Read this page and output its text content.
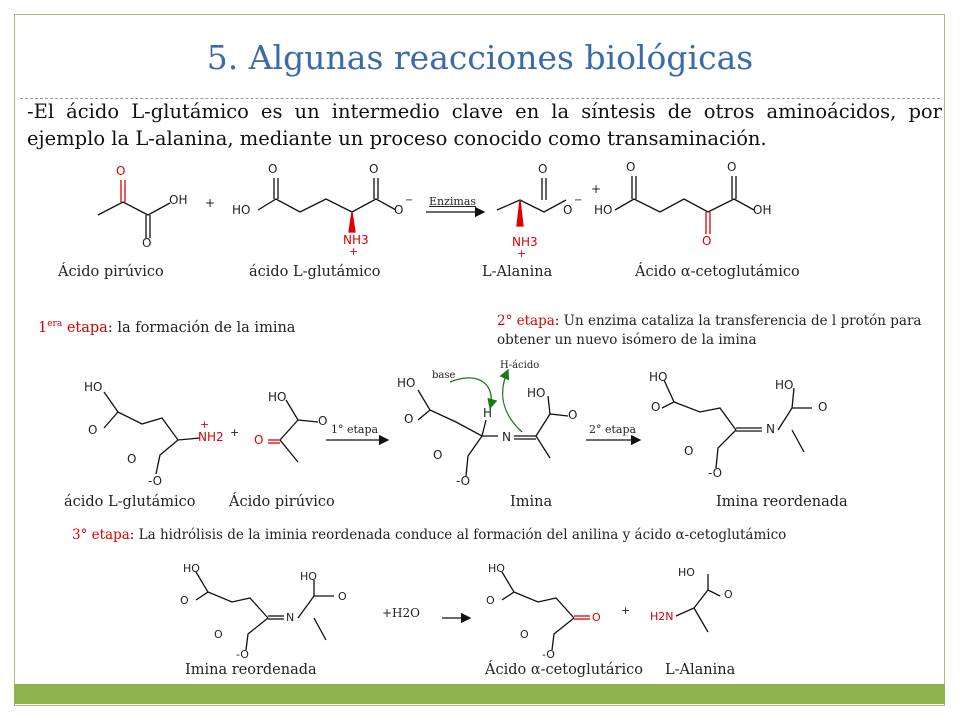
5. Algunas reacciones biológicas
-El ácido L-glutámico es un intermedio clave en la síntesis de otros aminoácidos, por ejemplo la L-alanina, mediante un proceso conocido como transaminación.
O
OH
O
+
O
HO
O
O
−
NH3
+
Enzimas
O
O
−
NH3
+
+
O
HO
O
OH
O
Ácido pirúvico	ácido L-glutámico	L-Alanina	Ácido α-cetoglutámico
$1^{era}$ etapa: la formación de la imina	2° etapa: Un enzima cataliza la transferencia de l protón para obtener un nuevo isómero de la imina
HO
O	NH2
+
O
-O
+
HO
O
O
1° etapa
HO
O
base
H-ácido
H
N
HO
O
O
-O
2° etapa
HO
O
N
HO
O
O
-O
ácido L-glutámico Ácido pirúvico	Imina	Imina reordenada
3° etapa: La hidrólisis de la iminia reordenada conduce al formación del anilina y ácido α-cetoglutámico
HO
O
N
HO
O
O
-O
+H2O
HO
O
O
O
-O
+
HO
O
H2N
Imina reordenada	Ácido α-cetoglutárico L-Alanina
